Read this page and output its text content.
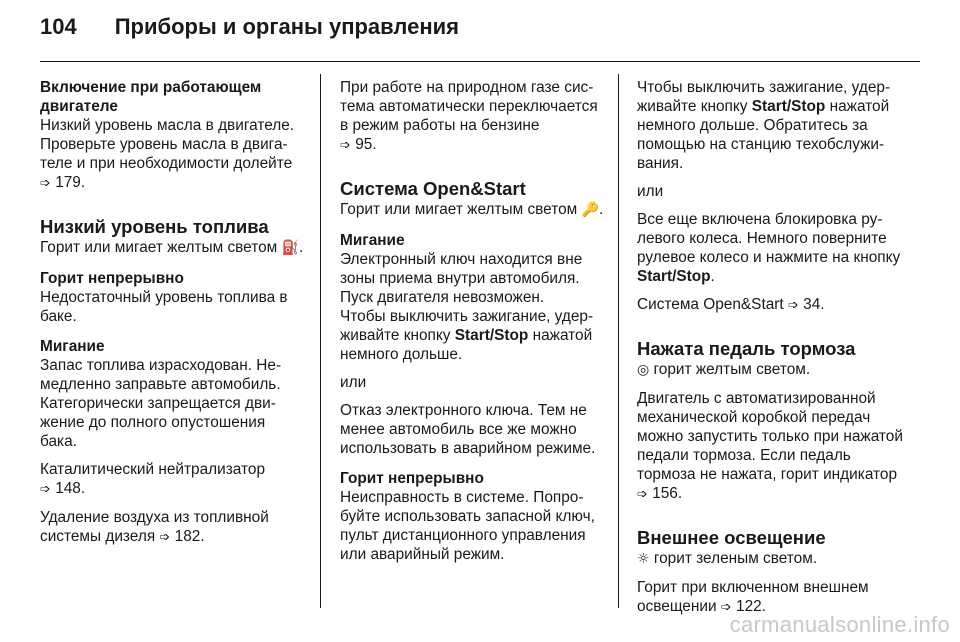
104 Приборы и органы управления
Включение при работающем двигателе

Низкий уровень масла в двигателе. Проверьте уровень масла в двигателе и при необходимости долейте ➩ 179.

Низкий уровень топлива

Горит или мигает желтым светом ⛽.

Горит непрерывно

Недостаточный уровень топлива в баке.

Мигание

Запас топлива израсходован. Немедленно заправьте автомобиль. Категорически запрещается движение до полного опустошения бака.

Каталитический нейтрализатор
➩ 148.

Удаление воздуха из топливной системы дизеля ➩ 182.

При работе на природном газе система автоматически переключается в режим работы на бензине
➩ 95.

Система Open&Start

Горит или мигает желтым светом 🔑.

Мигание

Электронный ключ находится вне зоны приема внутри автомобиля. Пуск двигателя невозможен.

Чтобы выключить зажигание, удерживайте кнопку Start/Stop нажатой немного дольше.

или

Отказ электронного ключа. Тем не менее автомобиль все же можно использовать в аварийном режиме.

Горит непрерывно

Неисправность в системе. Попробуйте использовать запасной ключ, пульт дистанционного управления или аварийный режим.

Чтобы выключить зажигание, удерживайте кнопку Start/Stop нажатой немного дольше. Обратитесь за помощью на станцию техобслуживания.

или

Все еще включена блокировка рулевого колеса. Немного поверните рулевое колесо и нажмите на кнопку Start/Stop.

Система Open&Start ➩ 34.

Нажата педаль тормоза

◎ горит желтым светом.

Двигатель с автоматизированной механической коробкой передач можно запустить только при нажатой педали тормоза. Если педаль тормоза не нажата, горит индикатор ➩ 156.

Внешнее освещение

☼ горит зеленым светом.

Горит при включенном внешнем освещении ➩ 122.

carmanualsonline.info
